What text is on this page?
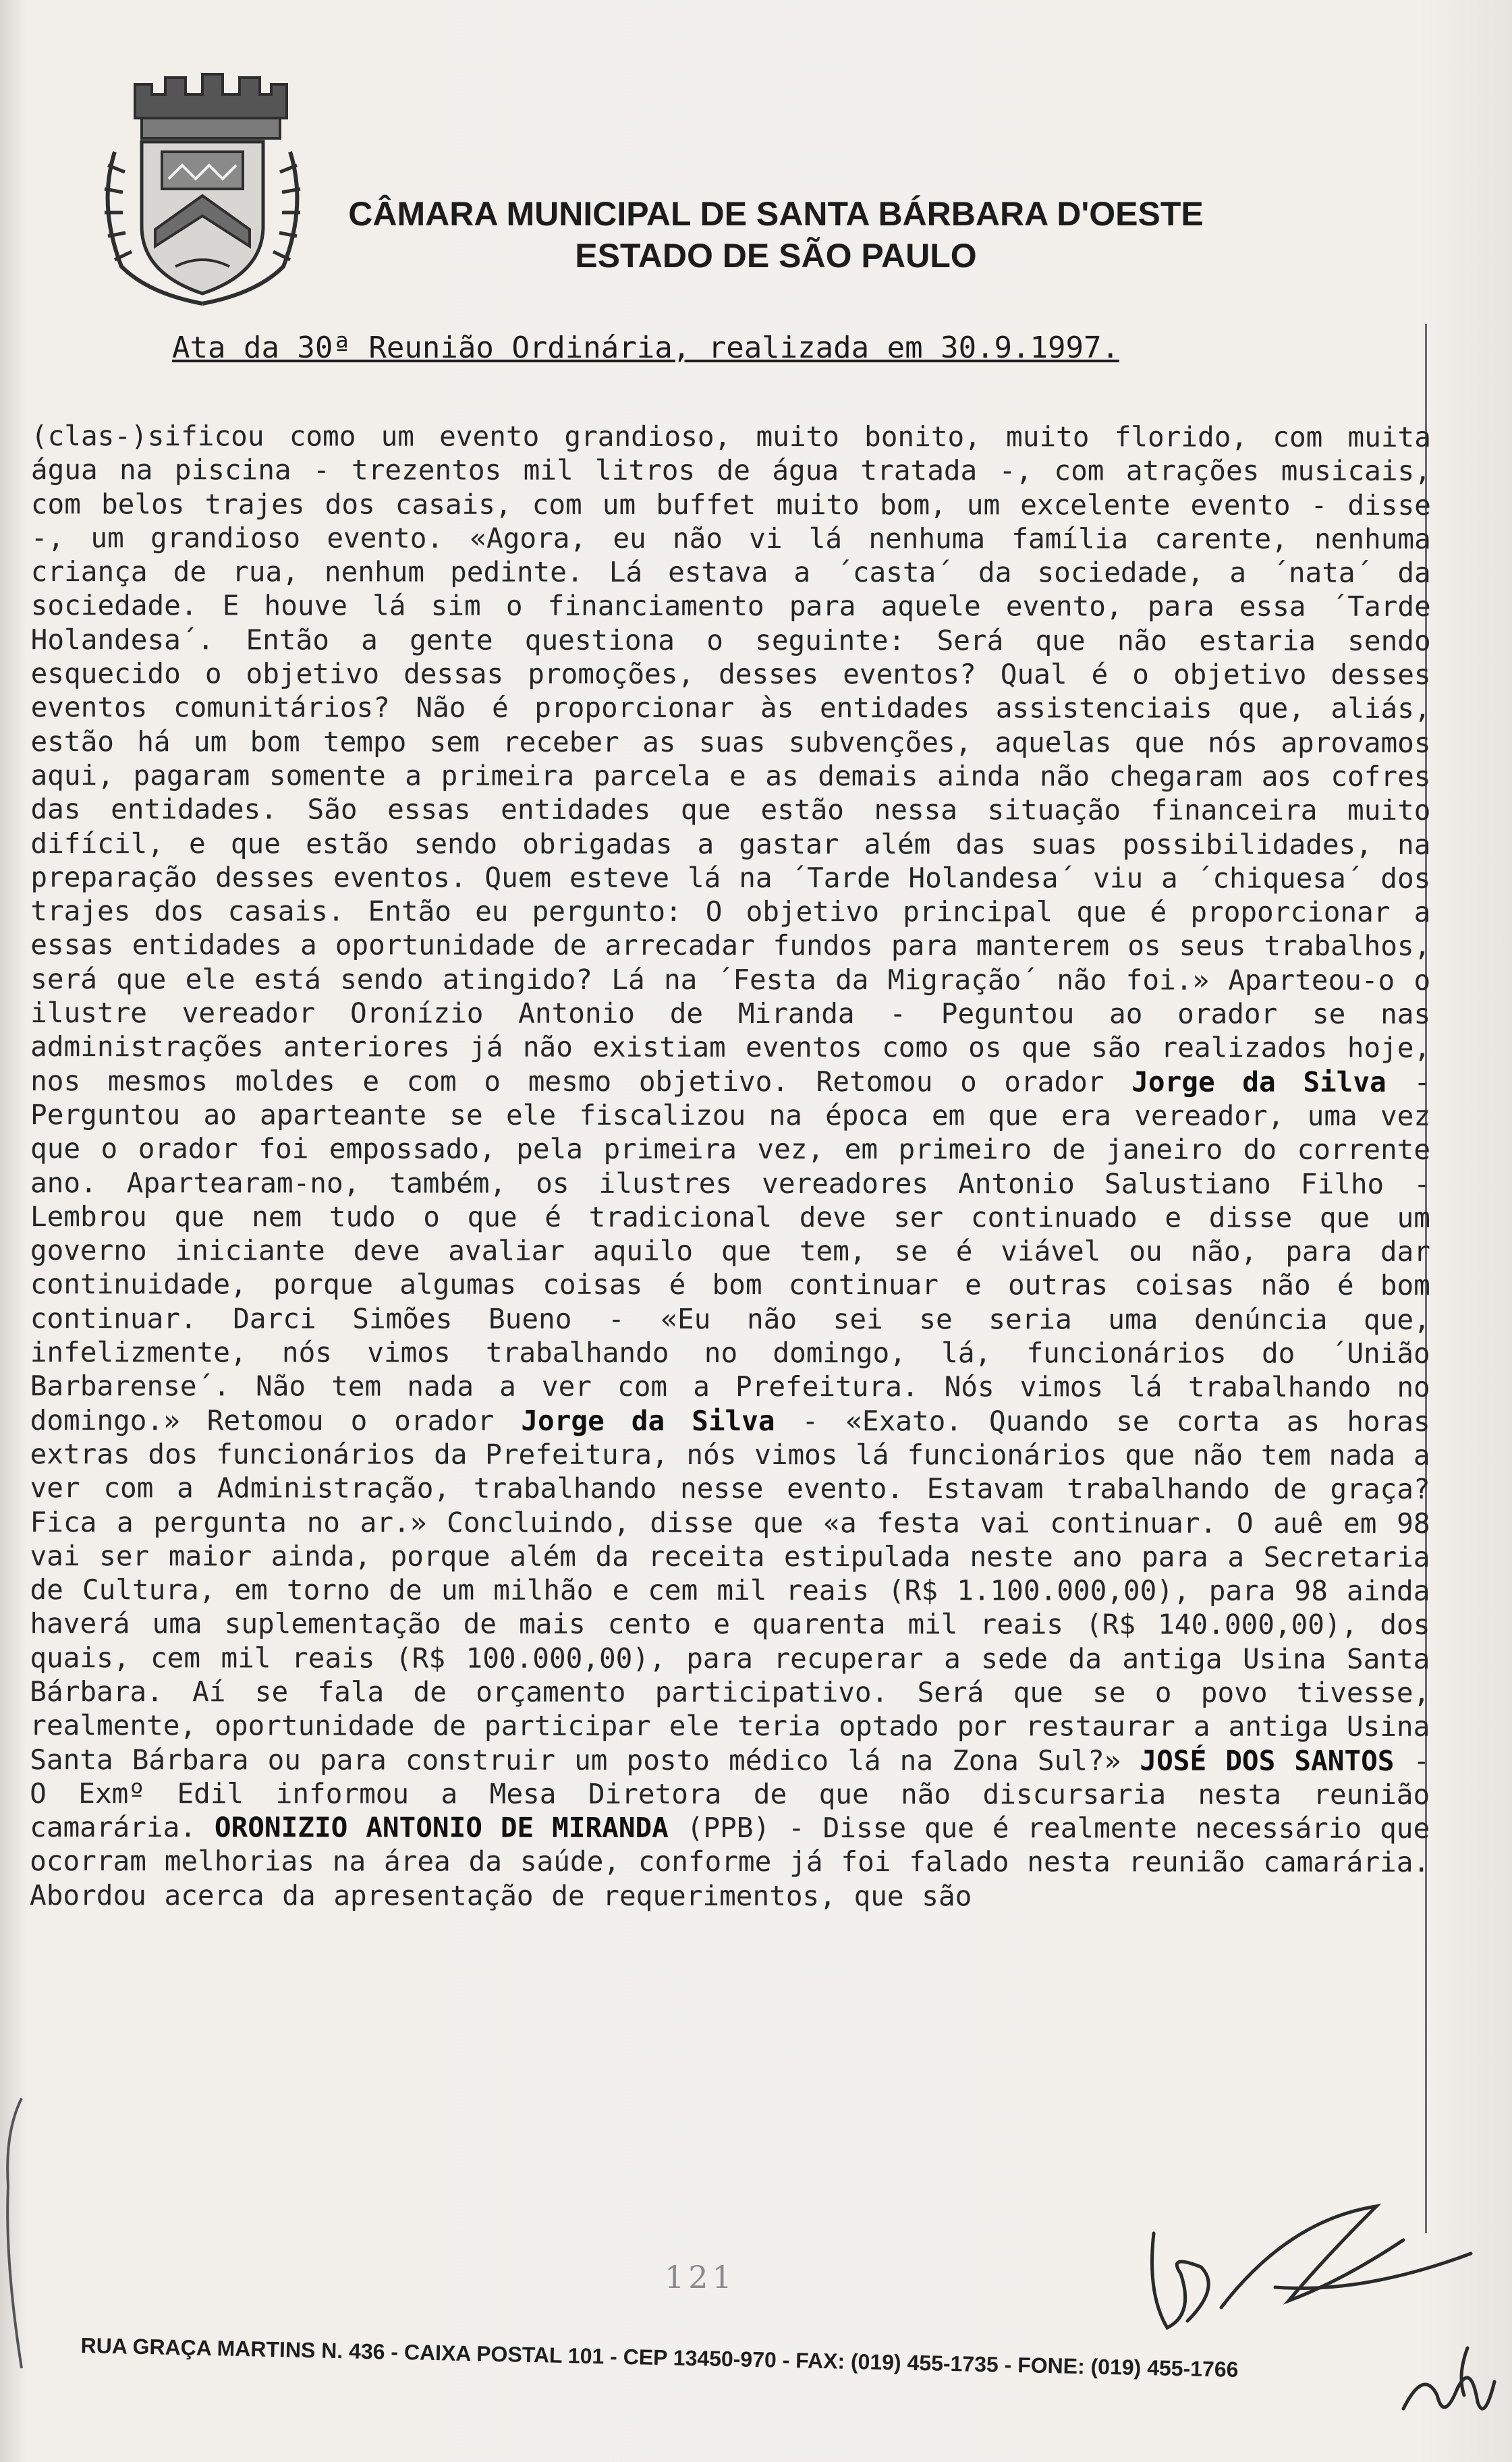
CÂMARA MUNICIPAL DE SANTA BÁRBARA D'OESTE
ESTADO DE SÃO PAULO
Ata da 30ª Reunião Ordinária, realizada em 30.9.1997.
(clas-)sificou como um evento grandioso, muito bonito, muito florido, com muita água na piscina - trezentos mil litros de água tratada -, com atrações musicais, com belos trajes dos casais, com um buffet muito bom, um excelente evento - disse -, um grandioso evento. «Agora, eu não vi lá nenhuma família carente, nenhuma criança de rua, nenhum pedinte. Lá estava a ´casta´ da sociedade, a ´nata´ da sociedade. E houve lá sim o financiamento para aquele evento, para essa ´Tarde Holandesa´. Então a gente questiona o seguinte: Será que não estaria sendo esquecido o objetivo dessas promoções, desses eventos? Qual é o objetivo desses eventos comunitários? Não é proporcionar às entidades assistenciais que, aliás, estão há um bom tempo sem receber as suas subvenções, aquelas que nós aprovamos aqui, pagaram somente a primeira parcela e as demais ainda não chegaram aos cofres das entidades. São essas entidades que estão nessa situação financeira muito difícil, e que estão sendo obrigadas a gastar além das suas possibilidades, na preparação desses eventos. Quem esteve lá na ´Tarde Holandesa´ viu a ´chiquesa´ dos trajes dos casais. Então eu pergunto: O objetivo principal que é proporcionar a essas entidades a oportunidade de arrecadar fundos para manterem os seus trabalhos, será que ele está sendo atingido? Lá na ´Festa da Migração´ não foi.» Aparteou-o o ilustre vereador Oronízio Antonio de Miranda - Peguntou ao orador se nas administrações anteriores já não existiam eventos como os que são realizados hoje, nos mesmos moldes e com o mesmo objetivo. Retomou o orador Jorge da Silva - Perguntou ao aparteante se ele fiscalizou na época em que era vereador, uma vez que o orador foi empossado, pela primeira vez, em primeiro de janeiro do corrente ano. Apartearam-no, também, os ilustres vereadores Antonio Salustiano Filho - Lembrou que nem tudo o que é tradicional deve ser continuado e disse que um governo iniciante deve avaliar aquilo que tem, se é viável ou não, para dar continuidade, porque algumas coisas é bom continuar e outras coisas não é bom continuar. Darci Simões Bueno - «Eu não sei se seria uma denúncia que, infelizmente, nós vimos trabalhando no domingo, lá, funcionários do ´União Barbarense´. Não tem nada a ver com a Prefeitura. Nós vimos lá trabalhando no domingo.» Retomou o orador Jorge da Silva - «Exato. Quando se corta as horas extras dos funcionários da Prefeitura, nós vimos lá funcionários que não tem nada a ver com a Administração, trabalhando nesse evento. Estavam trabalhando de graça? Fica a pergunta no ar.» Concluindo, disse que «a festa vai continuar. O auê em 98 vai ser maior ainda, porque além da receita estipulada neste ano para a Secretaria de Cultura, em torno de um milhão e cem mil reais (R$ 1.100.000,00), para 98 ainda haverá uma suplementação de mais cento e quarenta mil reais (R$ 140.000,00), dos quais, cem mil reais (R$ 100.000,00), para recuperar a sede da antiga Usina Santa Bárbara. Aí se fala de orçamento participativo. Será que se o povo tivesse, realmente, oportunidade de participar ele teria optado por restaurar a antiga Usina Santa Bárbara ou para construir um posto médico lá na Zona Sul?» JOSÉ DOS SANTOS - O Exmº Edil informou a Mesa Diretora de que não discursaria nesta reunião camarária. ORONIZIO ANTONIO DE MIRANDA (PPB) - Disse que é realmente necessário que ocorram melhorias na área da saúde, conforme já foi falado nesta reunião camarária. Abordou acerca da apresentação de requerimentos, que são
121
RUA GRAÇA MARTINS N. 436 - CAIXA POSTAL 101 - CEP 13450-970 - FAX: (019) 455-1735 - FONE: (019) 455-1766
